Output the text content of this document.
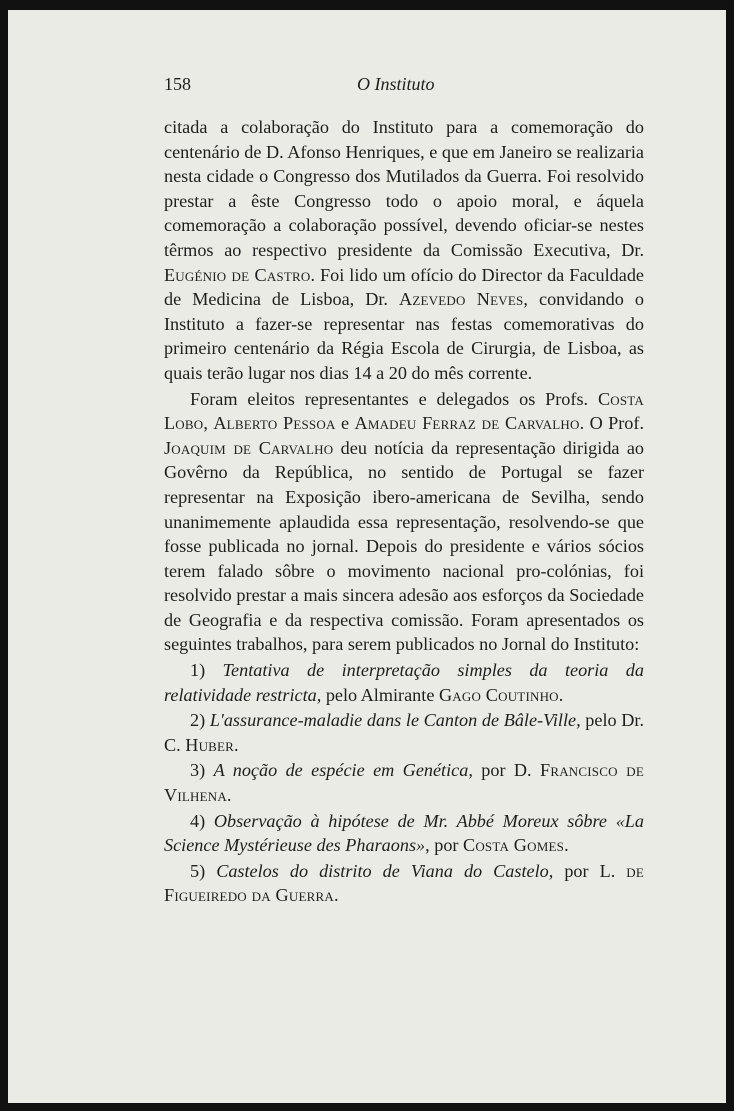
158	O Instituto

citada a colaboração do Instituto para a comemoração do centenário de D. Afonso Henriques, e que em Janeiro se realizaria nesta cidade o Congresso dos Mutilados da Guerra. Foi resolvido prestar a êste Congresso todo o apoio moral, e áquela comemoração a colaboração possível, devendo oficiar-se nestes têrmos ao respectivo presidente da Comissão Executiva, Dr. Eugénio de Castro. Foi lido um ofício do Director da Faculdade de Medicina de Lisboa, Dr. Azevedo Neves, convidando o Instituto a fazer-se representar nas festas comemorativas do primeiro centenário da Régia Escola de Cirurgia, de Lisboa, as quais terão lugar nos dias 14 a 20 do mês corrente.

Foram eleitos representantes e delegados os Profs. Costa Lobo, Alberto Pessoa e Amadeu Ferraz de Carvalho. O Prof. Joaquim de Carvalho deu notícia da representação dirigida ao Govêrno da República, no sentido de Portugal se fazer representar na Exposição ibero-americana de Sevilha, sendo unanimemente aplaudida essa representação, resolvendo-se que fosse publicada no jornal. Depois do presidente e vários sócios terem falado sôbre o movimento nacional pro-colónias, foi resolvido prestar a mais sincera adesão aos esforços da Sociedade de Geografia e da respectiva comissão. Foram apresentados os seguintes trabalhos, para serem publicados no Jornal do Instituto:

1) Tentativa de interpretação simples da teoria da relatividade restricta, pelo Almirante Gago Coutinho.

2) L'assurance-maladie dans le Canton de Bâle-Ville, pelo Dr. C. Huber.

3) A noção de espécie em Genética, por D. Francisco de Vilhena.

4) Observação à hipótese de Mr. Abbé Moreux sôbre «La Science Mystérieuse des Pharaons», por Costa Gomes.

5) Castelos do distrito de Viana do Castelo, por L. de Figueiredo da Guerra.
